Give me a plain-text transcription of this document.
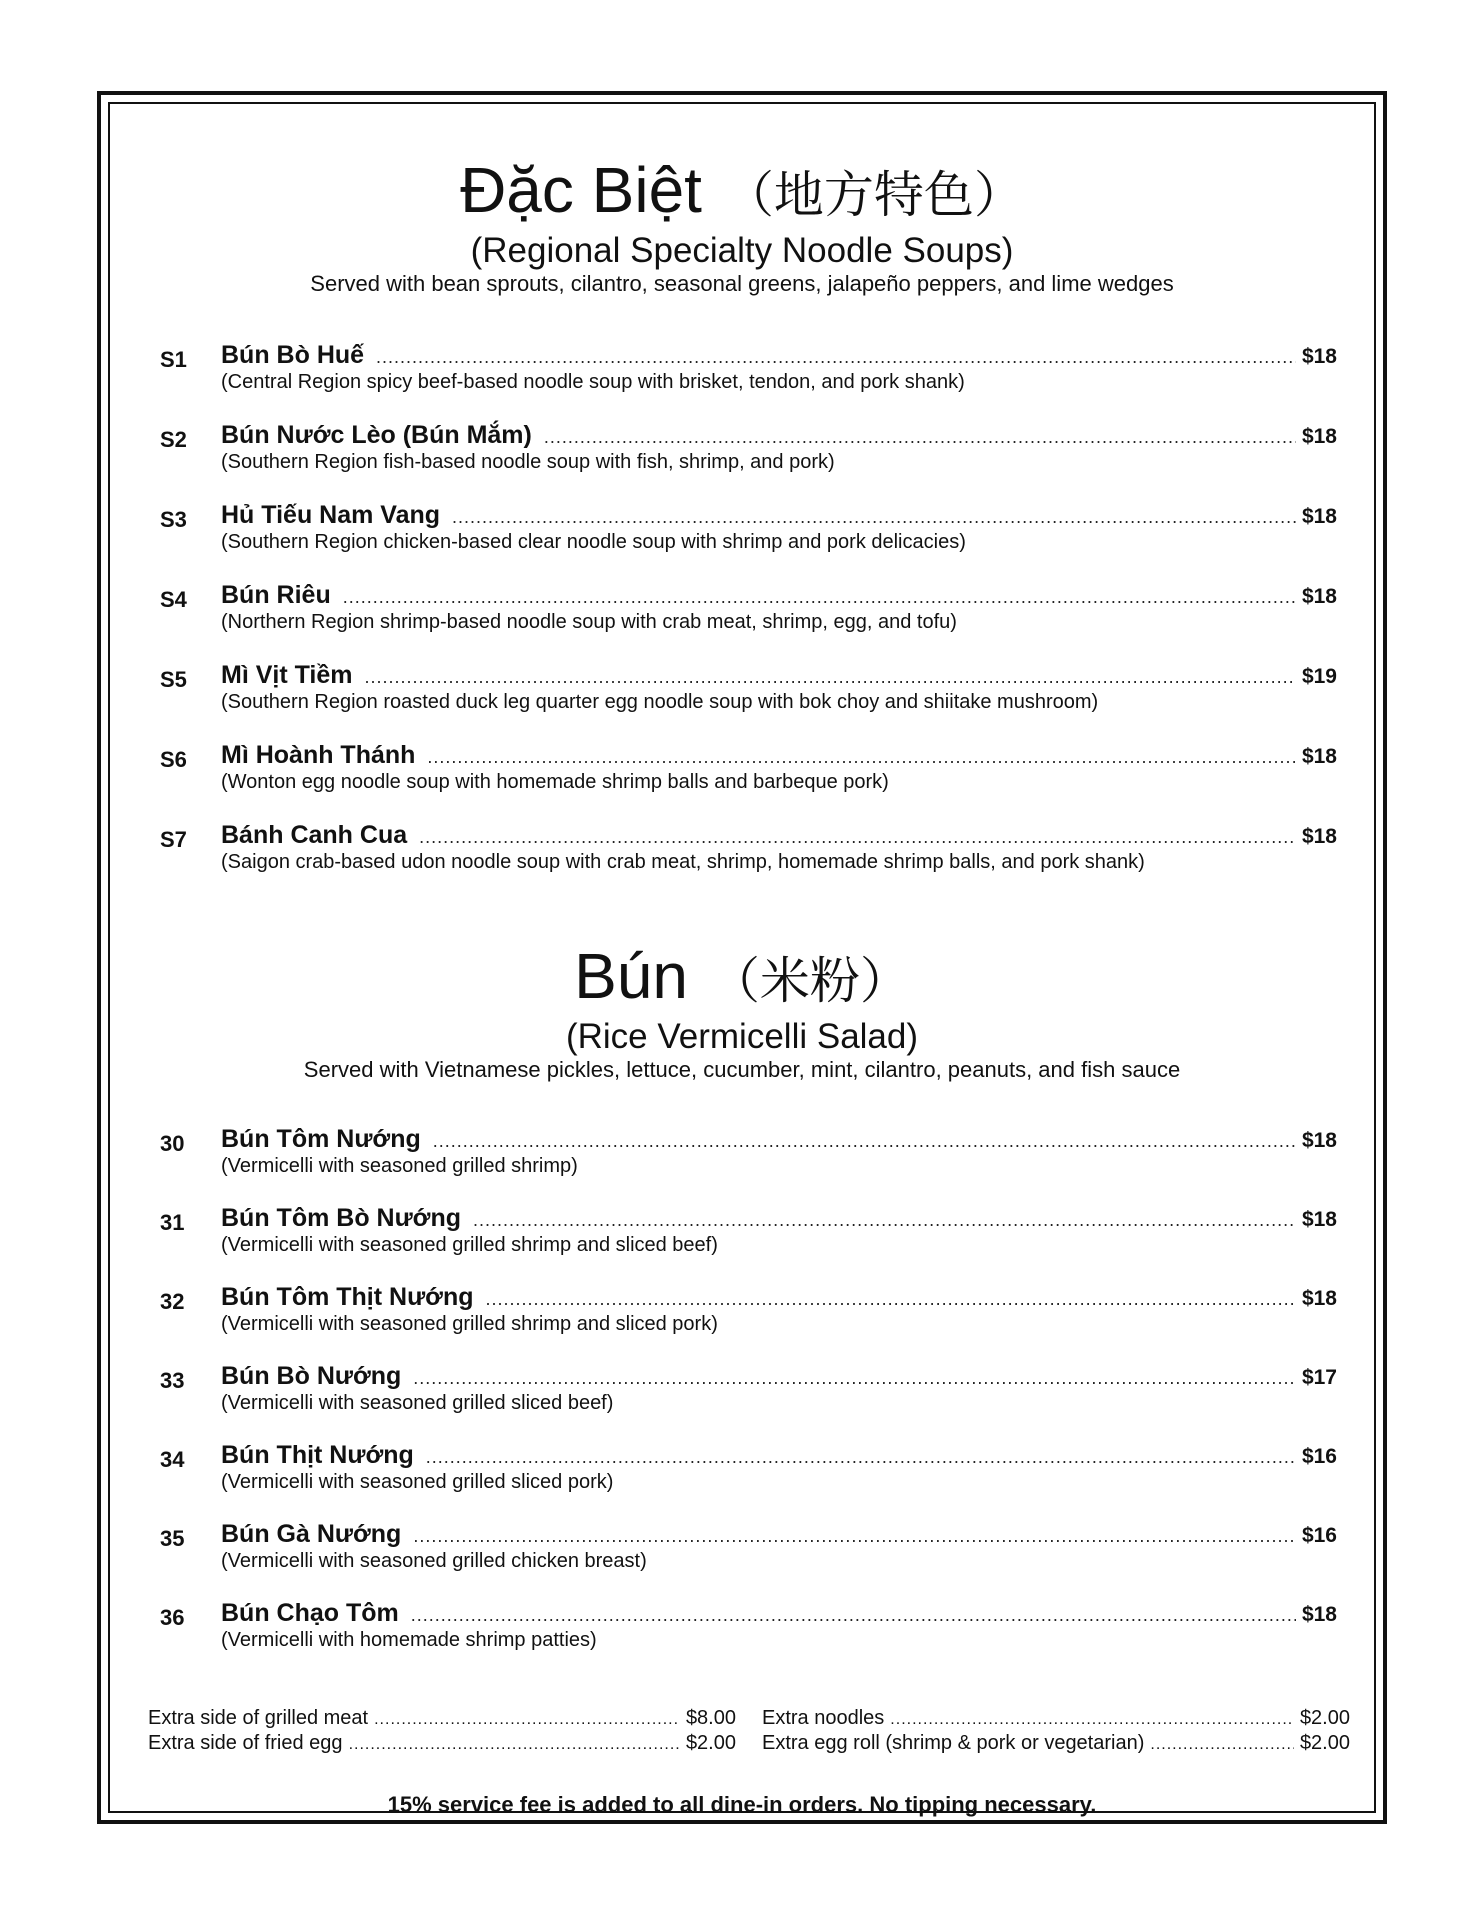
Đặc Biệt （地方特色）
(Regional Specialty Noodle Soups)
Served with bean sprouts, cilantro, seasonal greens, jalapeño peppers, and lime wedges
S1 Bún Bò Huế .....	$18
(Central Region spicy beef-based noodle soup with brisket, tendon, and pork shank)
S2 Bún Nước Lèo (Bún Mắm) .....	$18
(Southern Region fish-based noodle soup with fish, shrimp, and pork)
S3 Hủ Tiếu Nam Vang .....	$18
(Southern Region chicken-based clear noodle soup with shrimp and pork delicacies)
S4 Bún Riêu .....	$18
(Northern Region shrimp-based noodle soup with crab meat, shrimp, egg, and tofu)
S5 Mì Vịt Tiềm .....	$19
(Southern Region roasted duck leg quarter egg noodle soup with bok choy and shiitake mushroom)
S6 Mì Hoành Thánh .....	$18
(Wonton egg noodle soup with homemade shrimp balls and barbeque pork)
S7 Bánh Canh Cua .....	$18
(Saigon crab-based udon noodle soup with crab meat, shrimp, homemade shrimp balls, and pork shank)
Bún （米粉）
(Rice Vermicelli Salad)
Served with Vietnamese pickles, lettuce, cucumber, mint, cilantro, peanuts, and fish sauce
30 Bún Tôm Nướng .....	$18
(Vermicelli with seasoned grilled shrimp)
31 Bún Tôm Bò Nướng .....	$18
(Vermicelli with seasoned grilled shrimp and sliced beef)
32 Bún Tôm Thịt Nướng .....	$18
(Vermicelli with seasoned grilled shrimp and sliced pork)
33 Bún Bò Nướng .....	$17
(Vermicelli with seasoned grilled sliced beef)
34 Bún Thịt Nướng .....	$16
(Vermicelli with seasoned grilled sliced pork)
35 Bún Gà Nướng .....	$16
(Vermicelli with seasoned grilled chicken breast)
36 Bún Chạo Tôm .....	$18
(Vermicelli with homemade shrimp patties)
Extra side of grilled meat .....	$8.00
Extra side of fried egg .....	$2.00
Extra noodles .....	$2.00
Extra egg roll (shrimp & pork or vegetarian) .....	$2.00
15% service fee is added to all dine-in orders. No tipping necessary.
